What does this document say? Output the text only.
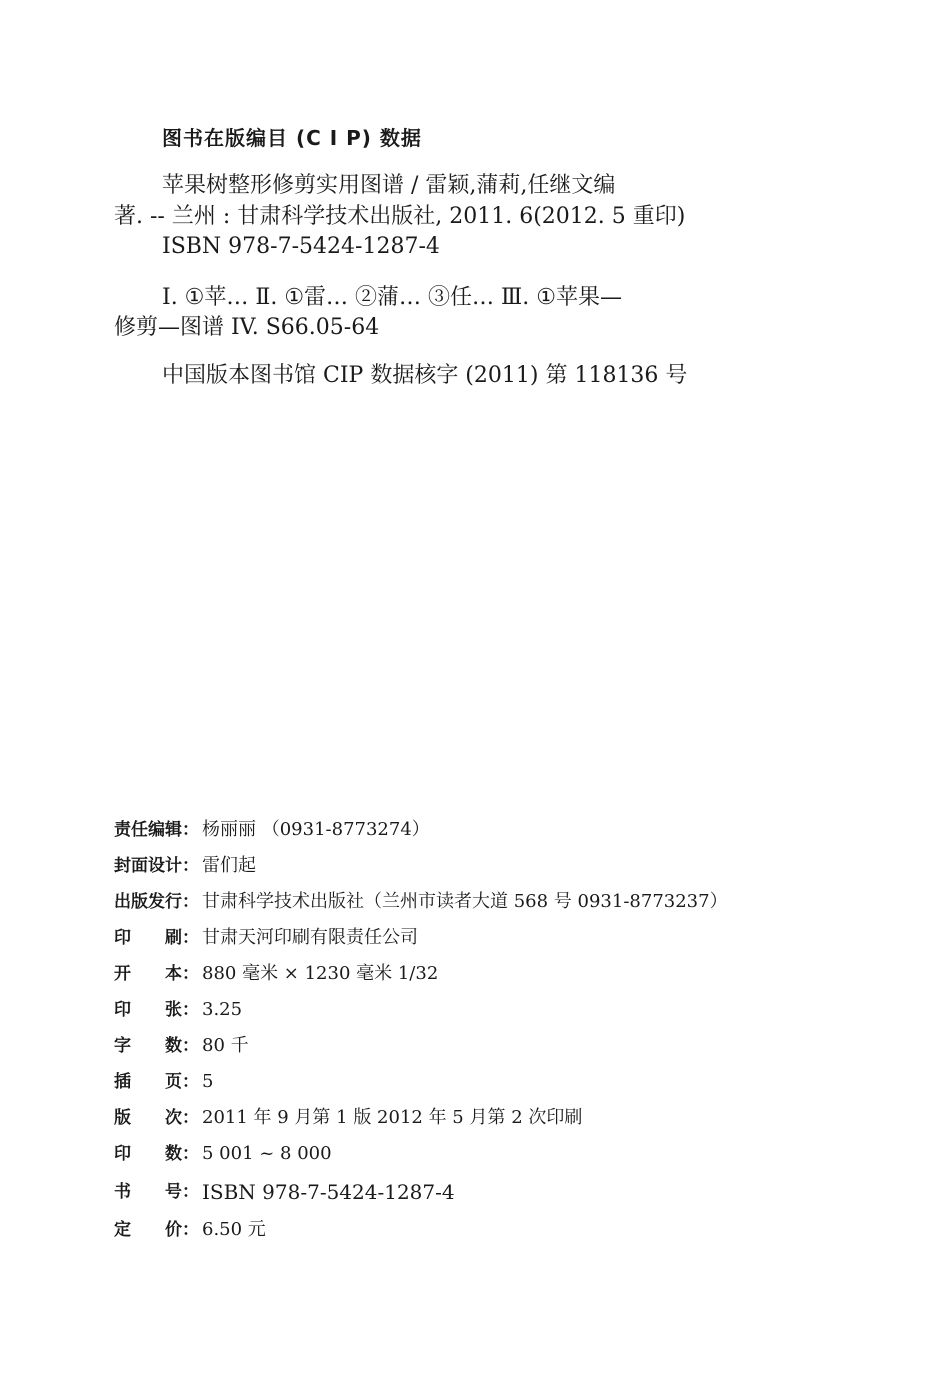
图书在版编目 (C I P) 数据
苹果树整形修剪实用图谱 / 雷颖,蒲莉,任继文编
著. -- 兰州 : 甘肃科学技术出版社, 2011. 6(2012. 5 重印)
ISBN 978-7-5424-1287-4
Ⅰ. ①苹… Ⅱ. ①雷… ②蒲… ③任… Ⅲ. ①苹果—
修剪—图谱 IV. S66.05-64
中国版本图书馆 CIP 数据核字 (2011) 第 118136 号
责任编辑： 杨丽丽 （0931-8773274）
封面设计： 雷们起
出版发行： 甘肃科学技术出版社（兰州市读者大道 568 号 0931-8773237）
印　　刷： 甘肃天河印刷有限责任公司
开　　本： 880 毫米 × 1230 毫米 1/32
印　　张： 3.25
字　　数： 80 千
插　　页： 5
版　　次： 2011 年 9 月第 1 版 2012 年 5 月第 2 次印刷
印　　数： 5 001 ~ 8 000
书　　号： ISBN 978-7-5424-1287-4
定　　价： 6.50 元
